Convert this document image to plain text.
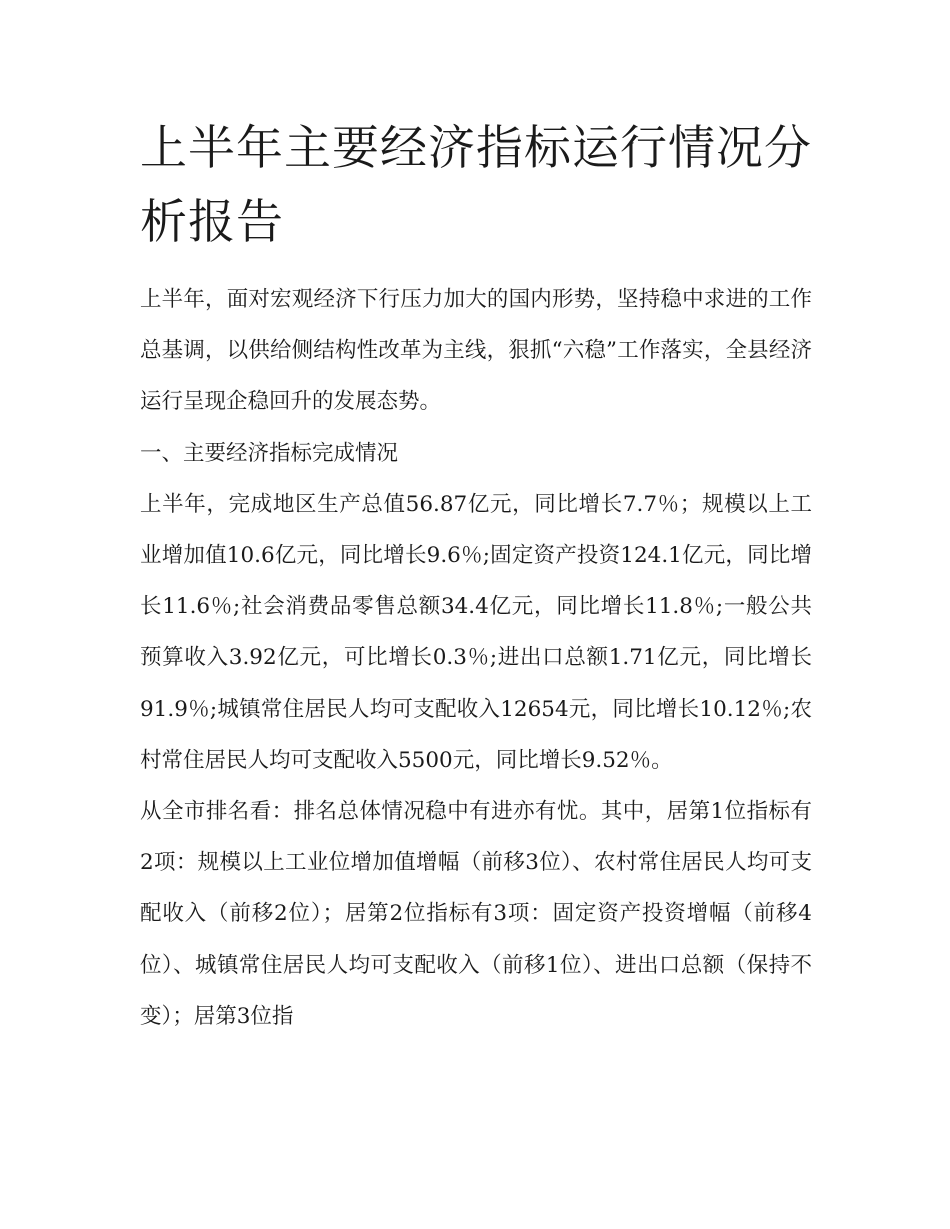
上半年主要经济指标运行情况分析报告

上半年，面对宏观经济下行压力加大的国内形势，坚持稳中求进的工作总基调，以供给侧结构性改革为主线，狠抓“六稳”工作落实，全县经济运行呈现企稳回升的发展态势。

一、主要经济指标完成情况

上半年，完成地区生产总值56.87亿元，同比增长7.7％；规模以上工业增加值10.6亿元，同比增长9.6％;固定资产投资124.1亿元，同比增长11.6％;社会消费品零售总额34.4亿元，同比增长11.8％;一般公共预算收入3.92亿元，可比增长0.3％;进出口总额1.71亿元，同比增长91.9％;城镇常住居民人均可支配收入12654元，同比增长10.12％;农村常住居民人均可支配收入5500元，同比增长9.52％。

从全市排名看：排名总体情况稳中有进亦有忧。其中，居第1位指标有2项：规模以上工业位增加值增幅（前移3位）、农村常住居民人均可支配收入（前移2位）；居第2位指标有3项：固定资产投资增幅（前移4位）、城镇常住居民人均可支配收入（前移1位）、进出口总额（保持不变）；居第3位指
